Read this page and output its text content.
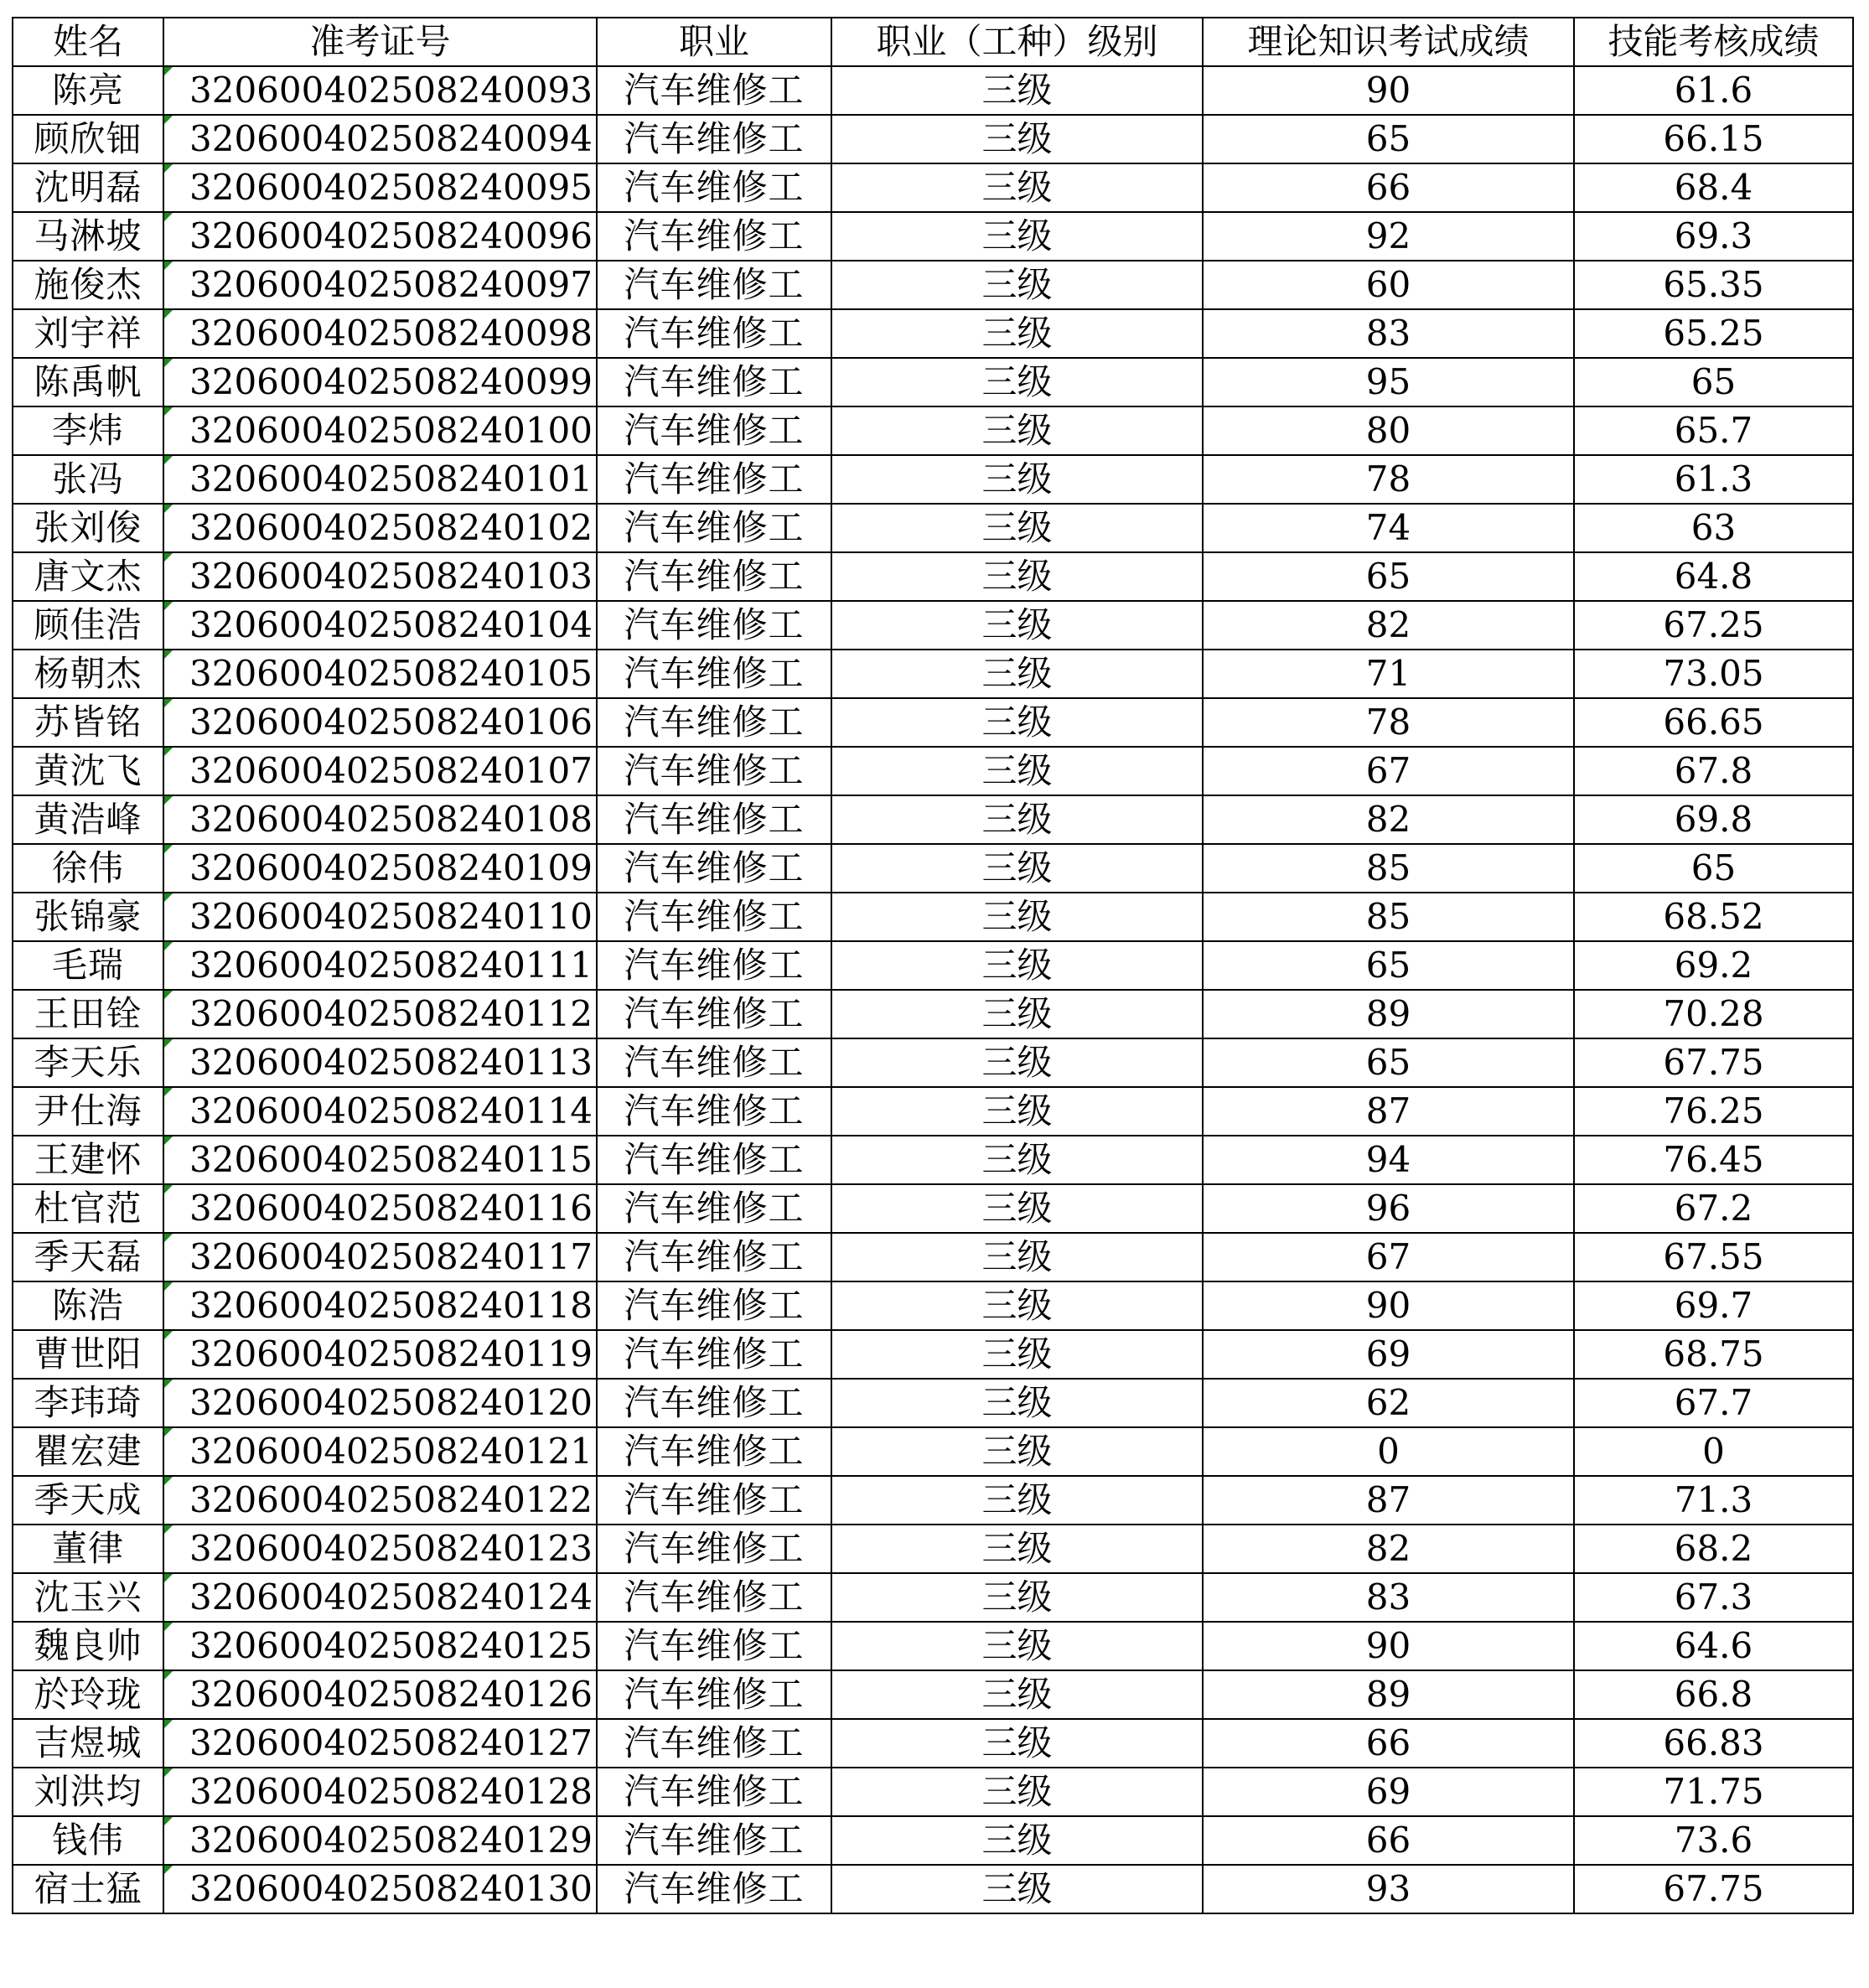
姓名	准考证号	职业	职业（工种）级别	理论知识考试成绩	技能考核成绩
陈亮	320600402508240093	汽车维修工	三级	90	61.6
顾欣钿	320600402508240094	汽车维修工	三级	65	66.15
沈明磊	320600402508240095	汽车维修工	三级	66	68.4
马淋坡	320600402508240096	汽车维修工	三级	92	69.3
施俊杰	320600402508240097	汽车维修工	三级	60	65.35
刘宇祥	320600402508240098	汽车维修工	三级	83	65.25
陈禹帆	320600402508240099	汽车维修工	三级	95	65
李炜	320600402508240100	汽车维修工	三级	80	65.7
张冯	320600402508240101	汽车维修工	三级	78	61.3
张刘俊	320600402508240102	汽车维修工	三级	74	63
唐文杰	320600402508240103	汽车维修工	三级	65	64.8
顾佳浩	320600402508240104	汽车维修工	三级	82	67.25
杨朝杰	320600402508240105	汽车维修工	三级	71	73.05
苏皆铭	320600402508240106	汽车维修工	三级	78	66.65
黄沈飞	320600402508240107	汽车维修工	三级	67	67.8
黄浩峰	320600402508240108	汽车维修工	三级	82	69.8
徐伟	320600402508240109	汽车维修工	三级	85	65
张锦豪	320600402508240110	汽车维修工	三级	85	68.52
毛瑞	320600402508240111	汽车维修工	三级	65	69.2
王田铨	320600402508240112	汽车维修工	三级	89	70.28
李天乐	320600402508240113	汽车维修工	三级	65	67.75
尹仕海	320600402508240114	汽车维修工	三级	87	76.25
王建怀	320600402508240115	汽车维修工	三级	94	76.45
杜官范	320600402508240116	汽车维修工	三级	96	67.2
季天磊	320600402508240117	汽车维修工	三级	67	67.55
陈浩	320600402508240118	汽车维修工	三级	90	69.7
曹世阳	320600402508240119	汽车维修工	三级	69	68.75
李玮琦	320600402508240120	汽车维修工	三级	62	67.7
瞿宏建	320600402508240121	汽车维修工	三级	0	0
季天成	320600402508240122	汽车维修工	三级	87	71.3
董律	320600402508240123	汽车维修工	三级	82	68.2
沈玉兴	320600402508240124	汽车维修工	三级	83	67.3
魏良帅	320600402508240125	汽车维修工	三级	90	64.6
於玲珑	320600402508240126	汽车维修工	三级	89	66.8
吉煜城	320600402508240127	汽车维修工	三级	66	66.83
刘洪均	320600402508240128	汽车维修工	三级	69	71.75
钱伟	320600402508240129	汽车维修工	三级	66	73.6
宿士猛	320600402508240130	汽车维修工	三级	93	67.75
